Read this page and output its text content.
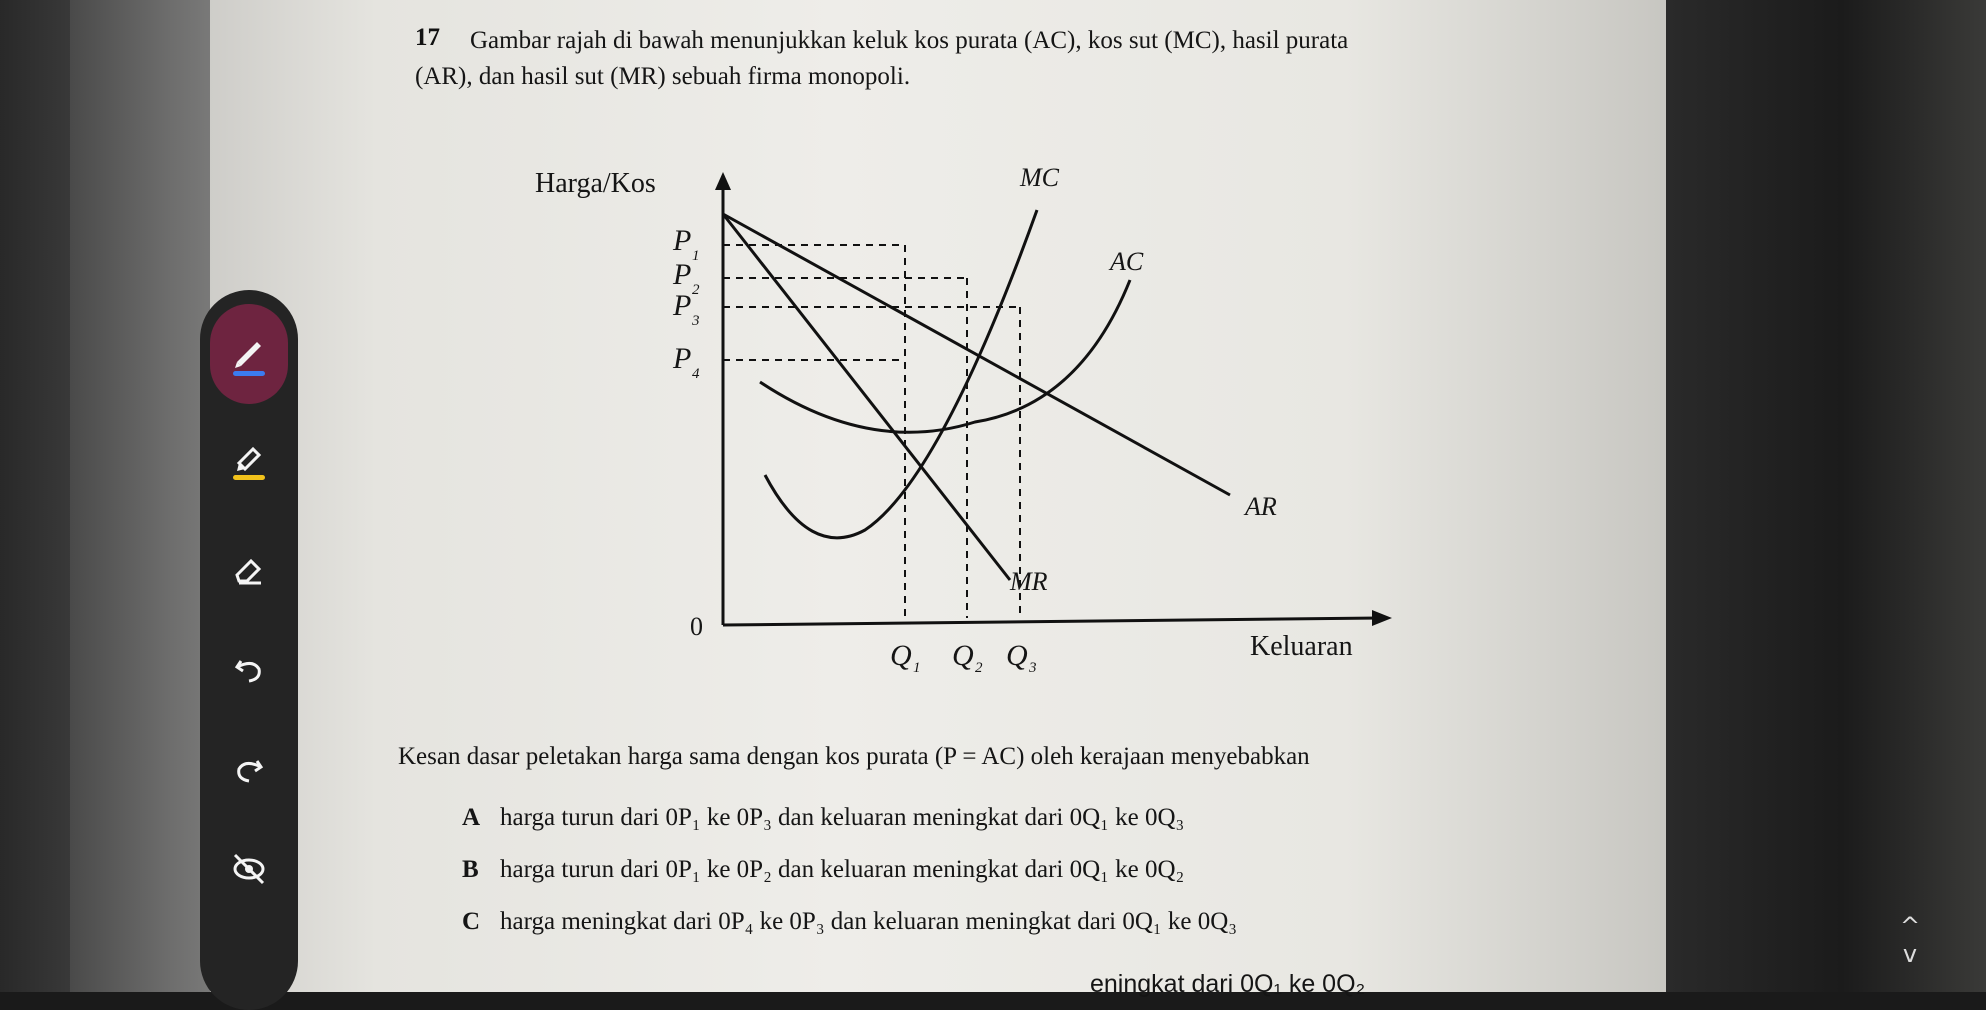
17 Gambar rajah di bawah menunjukkan keluk kos purata (AC), kos sut (MC), hasil purata
(AR), dan hasil sut (MR) sebuah firma monopoli.
Harga/Kos
Keluaran
0
P 1
P 2
P 3
P 4
Q 1 Q 2 Q 3
MC
AC
AR
MR
Kesan dasar peletakan harga sama dengan kos purata (P = AC) oleh kerajaan menyebabkan
A harga turun dari 0P₁ ke 0P₃ dan keluaran meningkat dari 0Q₁ ke 0Q₃
B harga turun dari 0P₁ ke 0P₂ dan keluaran meningkat dari 0Q₁ ke 0Q₂
C harga meningkat dari 0P₄ ke 0P₃ dan keluaran meningkat dari 0Q₁ ke 0Q₃
eningkat dari 0Q₁ ke 0Q₂
^
v
